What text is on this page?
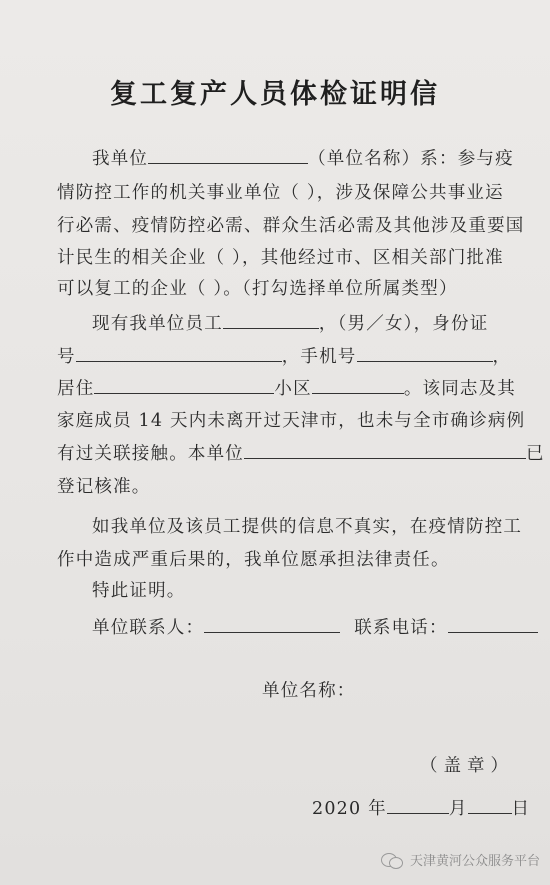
复工复产人员体检证明信
我单位	（单位名称）系：参与疫
情防控工作的机关事业单位（ ），涉及保障公共事业运
行必需、疫情防控必需、群众生活必需及其他涉及重要国
计民生的相关企业（ ），其他经过市、区相关部门批准
可以复工的企业（ ）。（打勾选择单位所属类型）
现有我单位员工	，（男／女），身份证
号	，手机号	，
居住	小区	。该同志及其
家庭成员 14 天内未离开过天津市，也未与全市确诊病例
有过关联接触。本单位	已
登记核准。
如我单位及该员工提供的信息不真实，在疫情防控工
作中造成严重后果的，我单位愿承担法律责任。
特此证明。
单位联系人：	联系电话：
单位名称：
（盖章）
2020 年	月	日
天津黄河公众服务平台
